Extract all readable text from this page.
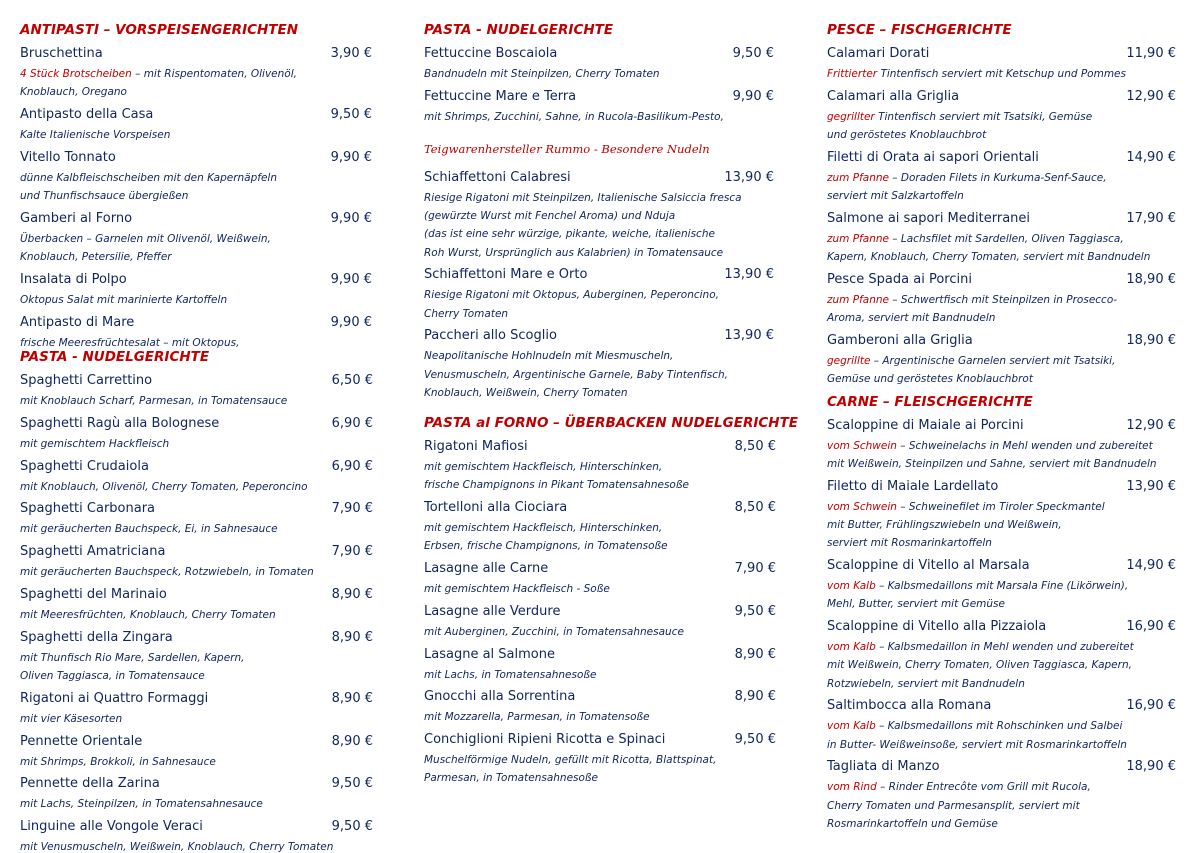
ANTIPASTI – VORSPEISENGERICHTEN
Bruschettina	3,90 €
4 Stück Brotscheiben – mit Rispentomaten, Olivenöl,
Knoblauch, Oregano
Antipasto della Casa	9,50 €
Kalte Italienische Vorspeisen
Vitello Tonnato	9,90 €
dünne Kalbfleischscheiben mit den Kapernäpfeln
und Thunfischsauce übergießen
Gamberi al Forno	9,90 €
Überbacken – Garnelen mit Olivenöl, Weißwein,
Knoblauch, Petersilie, Pfeffer
Insalata di Polpo	9,90 €
Oktopus Salat mit marinierte Kartoffeln
Antipasto di Mare	9,90 €
frische Meeresfrüchtesalat – mit Oktopus,
PASTA - NUDELGERICHTE
Spaghetti Carrettino	6,50 €
mit Knoblauch Scharf, Parmesan, in Tomatensauce
Spaghetti Ragù alla Bolognese	6,90 €
mit gemischtem Hackfleisch
Spaghetti Crudaiola	6,90 €
mit Knoblauch, Olivenöl, Cherry Tomaten, Peperoncino
Spaghetti Carbonara	7,90 €
mit geräucherten Bauchspeck, Ei, in Sahnesauce
Spaghetti Amatriciana	7,90 €
mit geräucherten Bauchspeck, Rotzwiebeln, in Tomaten
Spaghetti del Marinaio	8,90 €
mit Meeresfrüchten, Knoblauch, Cherry Tomaten
Spaghetti della Zingara	8,90 €
mit Thunfisch Rio Mare, Sardellen, Kapern,
Oliven Taggiasca, in Tomatensauce
Rigatoni ai Quattro Formaggi	8,90 €
mit vier Käsesorten
Pennette Orientale	8,90 €
mit Shrimps, Brokkoli, in Sahnesauce
Pennette della Zarina	9,50 €
mit Lachs, Steinpilzen, in Tomatensahnesauce
Linguine alle Vongole Veraci	9,50 €
mit Venusmuscheln, Weißwein, Knoblauch, Cherry Tomaten
PASTA - NUDELGERICHTE
Fettuccine Boscaiola	9,50 €
Bandnudeln mit Steinpilzen, Cherry Tomaten
Fettuccine Mare e Terra	9,90 €
mit Shrimps, Zucchini, Sahne, in Rucola-Basilikum-Pesto,
Teigwarenhersteller Rummo - Besondere Nudeln
Schiaffettoni Calabresi	13,90 €
Riesige Rigatoni mit Steinpilzen, Italienische Salsiccia fresca
(gewürzte Wurst mit Fenchel Aroma) und Nduja
(das ist eine sehr würzige, pikante, weiche, italienische
Roh Wurst, Ursprünglich aus Kalabrien) in Tomatensauce
Schiaffettoni Mare e Orto	13,90 €
Riesige Rigatoni mit Oktopus, Auberginen, Peperoncino,
Cherry Tomaten
Paccheri allo Scoglio	13,90 €
Neapolitanische Hohlnudeln mit Miesmuscheln,
Venusmuscheln, Argentinische Garnele, Baby Tintenfisch,
Knoblauch, Weißwein, Cherry Tomaten
PASTA al FORNO – ÜBERBACKEN NUDELGERICHTE
Rigatoni Mafiosi	8,50 €
mit gemischtem Hackfleisch, Hinterschinken,
frische Champignons in Pikant Tomatensahnesoße
Tortelloni alla Ciociara	8,50 €
mit gemischtem Hackfleisch, Hinterschinken,
Erbsen, frische Champignons, in Tomatensoße
Lasagne alle Carne	7,90 €
mit gemischtem Hackfleisch - Soße
Lasagne alle Verdure	9,50 €
mit Auberginen, Zucchini, in Tomatensahnesauce
Lasagne al Salmone	8,90 €
mit Lachs, in Tomatensahnesoße
Gnocchi alla Sorrentina	8,90 €
mit Mozzarella, Parmesan, in Tomatensoße
Conchiglioni Ripieni Ricotta e Spinaci	9,50 €
Muschelförmige Nudeln, gefüllt mit Ricotta, Blattspinat,
Parmesan, in Tomatensahnesoße
PESCE – FISCHGERICHTE
Calamari Dorati	11,90 €
Frittierter Tintenfisch serviert mit Ketschup und Pommes
Calamari alla Griglia	12,90 €
gegrillter Tintenfisch serviert mit Tsatsiki, Gemüse
und geröstetes Knoblauchbrot
Filetti di Orata ai sapori Orientali	14,90 €
zum Pfanne – Doraden Filets in Kurkuma-Senf-Sauce,
serviert mit Salzkartoffeln
Salmone ai sapori Mediterranei	17,90 €
zum Pfanne – Lachsfilet mit Sardellen, Oliven Taggiasca,
Kapern, Knoblauch, Cherry Tomaten, serviert mit Bandnudeln
Pesce Spada ai Porcini	18,90 €
zum Pfanne – Schwertfisch mit Steinpilzen in Prosecco-
Aroma, serviert mit Bandnudeln
Gamberoni alla Griglia	18,90 €
gegrillte – Argentinische Garnelen serviert mit Tsatsiki,
Gemüse und geröstetes Knoblauchbrot
CARNE – FLEISCHGERICHTE
Scaloppine di Maiale ai Porcini	12,90 €
vom Schwein – Schweinelachs in Mehl wenden und zubereitet
mit Weißwein, Steinpilzen und Sahne, serviert mit Bandnudeln
Filetto di Maiale Lardellato	13,90 €
vom Schwein – Schweinefilet im Tiroler Speckmantel
mit Butter, Frühlingszwiebeln und Weißwein,
serviert mit Rosmarinkartoffeln
Scaloppine di Vitello al Marsala	14,90 €
vom Kalb – Kalbsmedaillons mit Marsala Fine (Likörwein),
Mehl, Butter, serviert mit Gemüse
Scaloppine di Vitello alla Pizzaiola	16,90 €
vom Kalb – Kalbsmedaillon in Mehl wenden und zubereitet
mit Weißwein, Cherry Tomaten, Oliven Taggiasca, Kapern,
Rotzwiebeln, serviert mit Bandnudeln
Saltimbocca alla Romana	16,90 €
vom Kalb – Kalbsmedaillons mit Rohschinken und Salbei
in Butter- Weißweinsoße, serviert mit Rosmarinkartoffeln
Tagliata di Manzo	18,90 €
vom Rind – Rinder Entrecôte vom Grill mit Rucola,
Cherry Tomaten und Parmesansplit, serviert mit
Rosmarinkartoffeln und Gemüse
